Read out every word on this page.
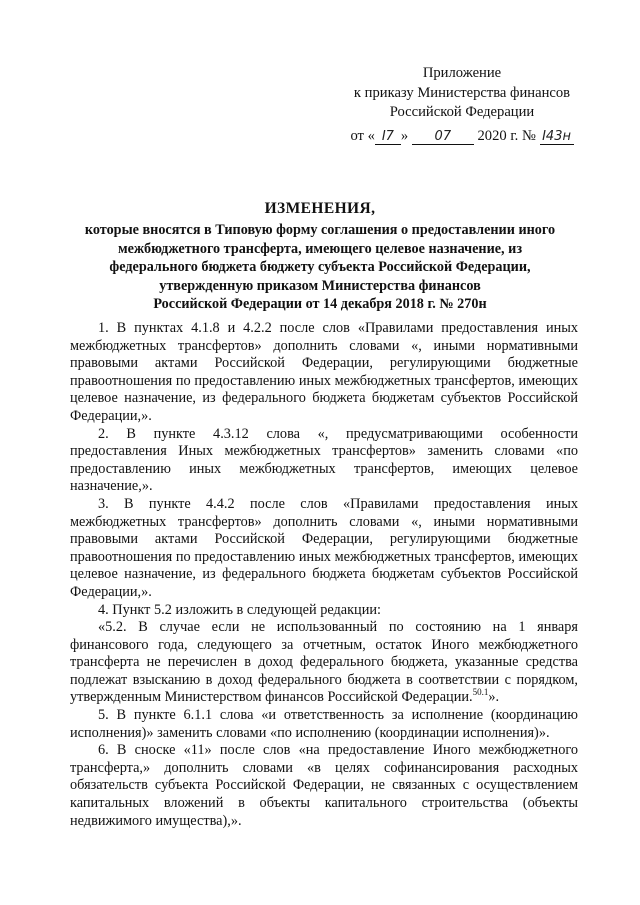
Приложение
к приказу Министерства финансов
Российской Федерации
от « I7 » 07 2020 г. № I43н
ИЗМЕНЕНИЯ,
которые вносятся в Типовую форму соглашения о предоставлении иного
межбюджетного трансферта, имеющего целевое назначение, из
федерального бюджета бюджету субъекта Российской Федерации,
утвержденную приказом Министерства финансов
Российской Федерации от 14 декабря 2018 г. № 270н

1. В пунктах 4.1.8 и 4.2.2 после слов «Правилами предоставления иных межбюджетных трансфертов» дополнить словами «, иными нормативными правовыми актами Российской Федерации, регулирующими бюджетные правоотношения по предоставлению иных межбюджетных трансфертов, имеющих целевое назначение, из федерального бюджета бюджетам субъектов Российской Федерации,».

2. В пункте 4.3.12 слова «, предусматривающими особенности предоставления Иных межбюджетных трансфертов» заменить словами «по предоставлению иных межбюджетных трансфертов, имеющих целевое назначение,».

3. В пункте 4.4.2 после слов «Правилами предоставления иных межбюджетных трансфертов» дополнить словами «, иными нормативными правовыми актами Российской Федерации, регулирующими бюджетные правоотношения по предоставлению иных межбюджетных трансфертов, имеющих целевое назначение, из федерального бюджета бюджетам субъектов Российской Федерации,».

4. Пункт 5.2 изложить в следующей редакции:

«5.2. В случае если не использованный по состоянию на 1 января финансового года, следующего за отчетным, остаток Иного межбюджетного трансферта не перечислен в доход федерального бюджета, указанные средства подлежат взысканию в доход федерального бюджета в соответствии с порядком, утвержденным Министерством финансов Российской Федерации.$^{50.1}$».

5. В пункте 6.1.1 слова «и ответственность за исполнение (координацию исполнения)» заменить словами «по исполнению (координации исполнения)».

6. В сноске «11» после слов «на предоставление Иного межбюджетного трансферта,» дополнить словами «в целях софинансирования расходных обязательств субъекта Российской Федерации, не связанных с осуществлением капитальных вложений в объекты капитального строительства (объекты недвижимого имущества),».
